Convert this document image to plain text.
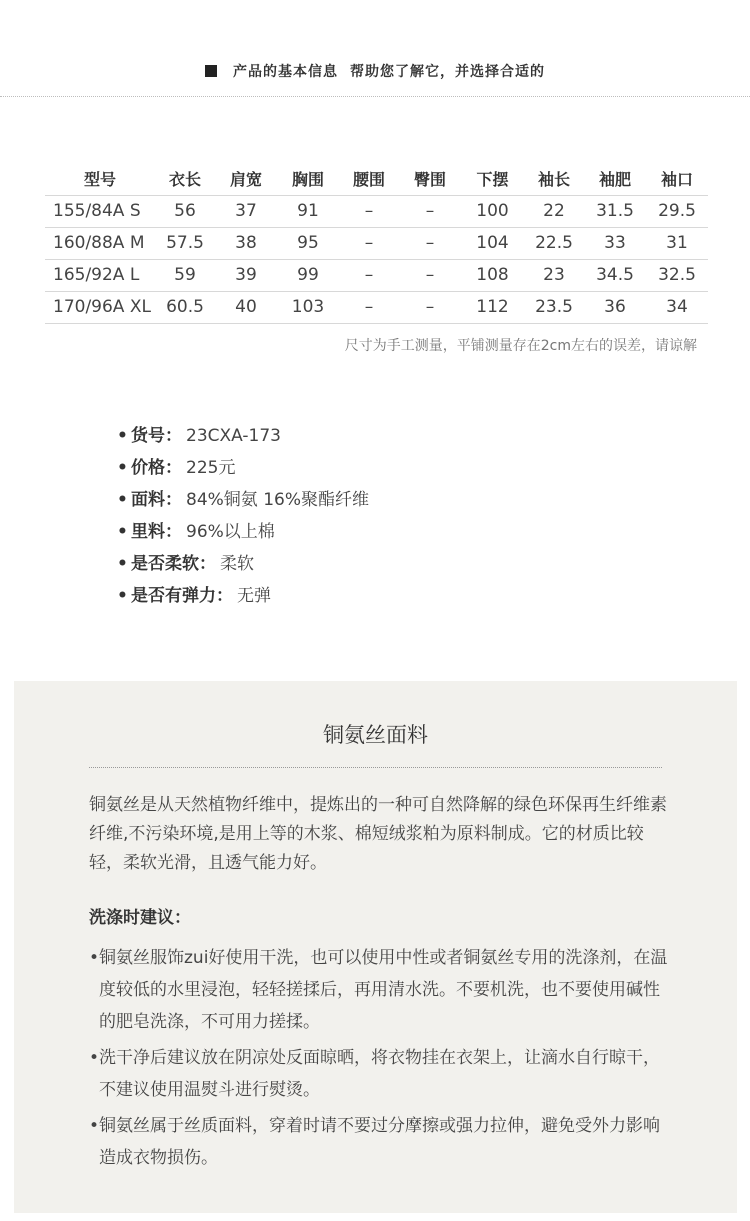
产品的基本信息 帮助您了解它，并选择合适的
型号	衣长	肩宽	胸围	腰围	臀围	下摆	袖长	袖肥	袖口
155/84A S	56	37	91	–	–	100	22	31.5	29.5
160/88A M	57.5	38	95	–	–	104	22.5	33	31
165/92A L	59	39	99	–	–	108	23	34.5	32.5
170/96A XL	60.5	40	103	–	–	112	23.5	36	34
尺寸为手工测量，平铺测量存在2cm左右的误差，请谅解
• 货号： 23CXA-173
• 价格： 225元
• 面料： 84%铜氨 16%聚酯纤维
• 里料： 96%以上棉
• 是否柔软： 柔软
• 是否有弹力： 无弹
铜氨丝面料

铜氨丝是从天然植物纤维中，提炼出的一种可自然降解的绿色环保再生纤维素纤维,不污染环境,是用上等的木浆、棉短绒浆粕为原料制成。它的材质比较轻，柔软光滑，且透气能力好。

洗涤时建议：
• 铜氨丝服饰zui好使用干洗，也可以使用中性或者铜氨丝专用的洗涤剂，在温度较低的水里浸泡，轻轻搓揉后，再用清水洗。不要机洗，也不要使用碱性的肥皂洗涤，不可用力搓揉。
• 洗干净后建议放在阴凉处反面晾晒，将衣物挂在衣架上，让滴水自行晾干，不建议使用温熨斗进行熨烫。
• 铜氨丝属于丝质面料，穿着时请不要过分摩擦或强力拉伸，避免受外力影响造成衣物损伤。
